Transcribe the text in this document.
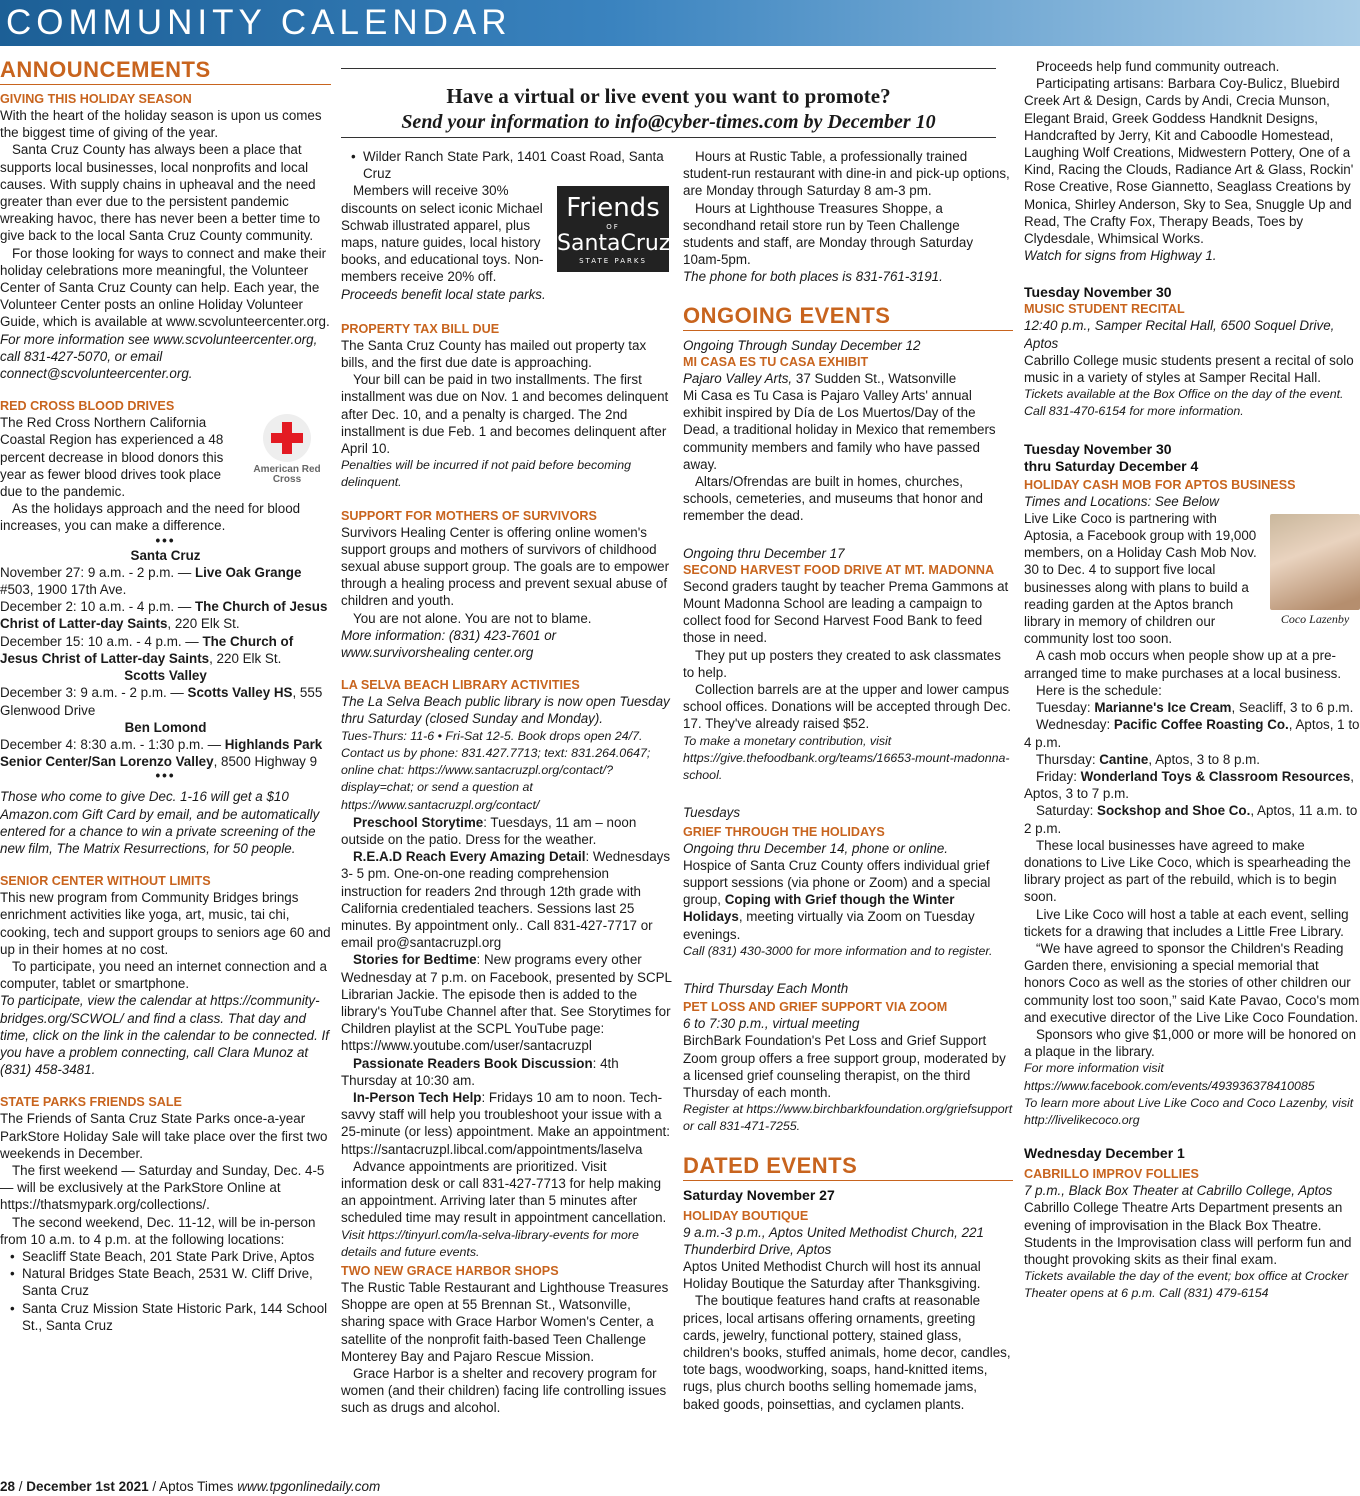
COMMUNITY CALENDAR
Have a virtual or live event you want to promote?
Send your information to info@cyber-times.com by December 10
ANNOUNCEMENTS
GIVING THIS HOLIDAY SEASON

With the heart of the holiday season is upon us comes the biggest time of giving of the year.

Santa Cruz County has always been a place that supports local businesses, local nonprofits and local causes. With supply chains in upheaval and the need greater than ever due to the persistent pandemic wreaking havoc, there has never been a better time to give back to the local Santa Cruz County community.

For those looking for ways to connect and make their holiday celebrations more meaningful, the Volunteer Center of Santa Cruz County can help. Each year, the Volunteer Center posts an online Holiday Volunteer Guide, which is available at www.scvolunteercenter.org.

For more information see www.scvolunteercenter.org, call 831-427-5070, or email connect@scvolunteercenter.org.

RED CROSS BLOOD DRIVES
American Red Cross

The Red Cross Northern California Coastal Region has experienced a 48 percent decrease in blood donors this year as fewer blood drives took place due to the pandemic.

As the holidays approach and the need for blood increases, you can make a difference.

•••
Santa Cruz

November 27: 9 a.m. - 2 p.m. — Live Oak Grange #503, 1900 17th Ave.

December 2: 10 a.m. - 4 p.m. — The Church of Jesus Christ of Latter-day Saints, 220 Elk St.

December 15: 10 a.m. - 4 p.m. — The Church of Jesus Christ of Latter-day Saints, 220 Elk St.

Scotts Valley

December 3: 9 a.m. - 2 p.m. — Scotts Valley HS, 555 Glenwood Drive

Ben Lomond

December 4: 8:30 a.m. - 1:30 p.m. — Highlands Park Senior Center/San Lorenzo Valley, 8500 Highway 9

•••

Those who come to give Dec. 1-16 will get a $10 Amazon.com Gift Card by email, and be automatically entered for a chance to win a private screening of the new film, The Matrix Resurrections, for 50 people.

SENIOR CENTER WITHOUT LIMITS

This new program from Community Bridges brings enrichment activities like yoga, art, music, tai chi, cooking, tech and support groups to seniors age 60 and up in their homes at no cost.

To participate, you need an internet connection and a computer, tablet or smartphone.

To participate, view the calendar at https://community-bridges.org/SCWOL/ and find a class. That day and time, click on the link in the calendar to be connected. If you have a problem connecting, call Clara Munoz at (831) 458-3481.

STATE PARKS FRIENDS SALE

The Friends of Santa Cruz State Parks once-a-year ParkStore Holiday Sale will take place over the first two weekends in December.

The first weekend — Saturday and Sunday, Dec. 4-5 — will be exclusively at the ParkStore Online at https://thatsmypark.org/collections/.

The second weekend, Dec. 11-12, will be in-person from 10 a.m. to 4 p.m. at the following locations:

• Seacliff State Beach, 201 State Park Drive, Aptos
• Natural Bridges State Beach, 2531 W. Cliff Drive, Santa Cruz
• Santa Cruz Mission State Historic Park, 144 School St., Santa Cruz
• Wilder Ranch State Park, 1401 Coast Road, Santa Cruz
Friends
OF
SantaCruz
STATE PARKS

Members will receive 30% discounts on select iconic Michael Schwab illustrated apparel, plus maps, nature guides, local history books, and educational toys. Non-members receive 20% off.

Proceeds benefit local state parks.

PROPERTY TAX BILL DUE

The Santa Cruz County has mailed out property tax bills, and the first due date is approaching.

Your bill can be paid in two installments. The first installment was due on Nov. 1 and becomes delinquent after Dec. 10, and a penalty is charged. The 2nd installment is due Feb. 1 and becomes delinquent after April 10.

Penalties will be incurred if not paid before becoming delinquent.

SUPPORT FOR MOTHERS OF SURVIVORS

Survivors Healing Center is offering online women's support groups and mothers of survivors of childhood sexual abuse support group. The goals are to empower through a healing process and prevent sexual abuse of children and youth.

You are not alone. You are not to blame.

More information: (831) 423-7601 or www.survivorshealing center.org

LA SELVA BEACH LIBRARY ACTIVITIES

The La Selva Beach public library is now open Tuesday thru Saturday (closed Sunday and Monday).

Tues-Thurs: 11-6 • Fri-Sat 12-5. Book drops open 24/7. Contact us by phone: 831.427.7713; text: 831.264.0647; online chat: https://www.santacruzpl.org/contact/?display=chat; or send a question at https://www.santacruzpl.org/contact/

Preschool Storytime: Tuesdays, 11 am – noon outside on the patio. Dress for the weather.

R.E.A.D Reach Every Amazing Detail: Wednesdays 3- 5 pm. One-on-one reading comprehension instruction for readers 2nd through 12th grade with California credentialed teachers. Sessions last 25 minutes. By appointment only.. Call 831-427-7717 or email pro@santacruzpl.org

Stories for Bedtime: New programs every other Wednesday at 7 p.m. on Facebook, presented by SCPL Librarian Jackie. The episode then is added to the library's YouTube Channel after that. See Storytimes for Children playlist at the SCPL YouTube page: https://www.youtube.com/user/santacruzpl

Passionate Readers Book Discussion: 4th Thursday at 10:30 am.

In-Person Tech Help: Fridays 10 am to noon. Tech-savvy staff will help you troubleshoot your issue with a 25-minute (or less) appointment. Make an appointment: https://santacruzpl.libcal.com/appointments/laselva

Advance appointments are prioritized. Visit information desk or call 831-427-7713 for help making an appointment. Arriving later than 5 minutes after scheduled time may result in appointment cancellation.

Visit https://tinyurl.com/la-selva-library-events for more details and future events.

TWO NEW GRACE HARBOR SHOPS

The Rustic Table Restaurant and Lighthouse Treasures Shoppe are open at 55 Brennan St., Watsonville, sharing space with Grace Harbor Women's Center, a satellite of the nonprofit faith-based Teen Challenge Monterey Bay and Pajaro Rescue Mission.

Grace Harbor is a shelter and recovery program for women (and their children) facing life controlling issues such as drugs and alcohol.

Hours at Rustic Table, a professionally trained student-run restaurant with dine-in and pick-up options, are Monday through Saturday 8 am-3 pm.

Hours at Lighthouse Treasures Shoppe, a secondhand retail store run by Teen Challenge students and staff, are Monday through Saturday 10am-5pm.

The phone for both places is 831-761-3191.

ONGOING EVENTS

Ongoing Through Sunday December 12

MI CASA ES TU CASA EXHIBIT

Pajaro Valley Arts, 37 Sudden St., Watsonville

Mi Casa es Tu Casa is Pajaro Valley Arts' annual exhibit inspired by Día de Los Muertos/Day of the Dead, a traditional holiday in Mexico that remembers community members and family who have passed away.

Altars/Ofrendas are built in homes, churches, schools, cemeteries, and museums that honor and remember the dead.

Ongoing thru December 17

SECOND HARVEST FOOD DRIVE AT MT. MADONNA

Second graders taught by teacher Prema Gammons at Mount Madonna School are leading a campaign to collect food for Second Harvest Food Bank to feed those in need.

They put up posters they created to ask classmates to help.

Collection barrels are at the upper and lower campus school offices. Donations will be accepted through Dec. 17. They've already raised $52.

To make a monetary contribution, visit https://give.thefoodbank.org/teams/16653-mount-madonna-school.

Tuesdays

GRIEF THROUGH THE HOLIDAYS

Ongoing thru December 14, phone or online.

Hospice of Santa Cruz County offers individual grief support sessions (via phone or Zoom) and a special group, Coping with Grief though the Winter Holidays, meeting virtually via Zoom on Tuesday evenings.

Call (831) 430-3000 for more information and to register.

Third Thursday Each Month

PET LOSS AND GRIEF SUPPORT VIA ZOOM

6 to 7:30 p.m., virtual meeting

BirchBark Foundation's Pet Loss and Grief Support Zoom group offers a free support group, moderated by a licensed grief counseling therapist, on the third Thursday of each month.

Register at https://www.birchbarkfoundation.org/griefsupport or call 831-471-7255.

DATED EVENTS
Saturday November 27
HOLIDAY BOUTIQUE

9 a.m.-3 p.m., Aptos United Methodist Church, 221 Thunderbird Drive, Aptos

Aptos United Methodist Church will host its annual Holiday Boutique the Saturday after Thanksgiving.

The boutique features hand crafts at reasonable prices, local artisans offering ornaments, greeting cards, jewelry, functional pottery, stained glass, children's books, stuffed animals, home decor, candles, tote bags, woodworking, soaps, hand-knitted items, rugs, plus church booths selling homemade jams, baked goods, poinsettias, and cyclamen plants.

Proceeds help fund community outreach.

Participating artisans: Barbara Coy-Bulicz, Bluebird Creek Art & Design, Cards by Andi, Crecia Munson, Elegant Braid, Greek Goddess Handknit Designs, Handcrafted by Jerry, Kit and Caboodle Homestead, Laughing Wolf Creations, Midwestern Pottery, One of a Kind, Racing the Clouds, Radiance Art & Glass, Rockin' Rose Creative, Rose Giannetto, Seaglass Creations by Monica, Shirley Anderson, Sky to Sea, Snuggle Up and Read, The Crafty Fox, Therapy Beads, Toes by Clydesdale, Whimsical Works.

Watch for signs from Highway 1.

Tuesday November 30
MUSIC STUDENT RECITAL

12:40 p.m., Samper Recital Hall, 6500 Soquel Drive, Aptos

Cabrillo College music students present a recital of solo music in a variety of styles at Samper Recital Hall.

Tickets available at the Box Office on the day of the event. Call 831-470-6154 for more information.

Tuesday November 30
thru Saturday December 4
HOLIDAY CASH MOB FOR APTOS BUSINESS

Times and Locations: See Below

Coco Lazenby

Live Like Coco is partnering with Aptosia, a Facebook group with 19,000 members, on a Holiday Cash Mob Nov. 30 to Dec. 4 to support five local businesses along with plans to build a reading garden at the Aptos branch library in memory of children our community lost too soon.

A cash mob occurs when people show up at a pre-arranged time to make purchases at a local business.

Here is the schedule:

Tuesday: Marianne's Ice Cream, Seacliff, 3 to 6 p.m.

Wednesday: Pacific Coffee Roasting Co., Aptos, 1 to 4 p.m.

Thursday: Cantine, Aptos, 3 to 8 p.m.

Friday: Wonderland Toys & Classroom Resources, Aptos, 3 to 7 p.m.

Saturday: Sockshop and Shoe Co., Aptos, 11 a.m. to 2 p.m.

These local businesses have agreed to make donations to Live Like Coco, which is spearheading the library project as part of the rebuild, which is to begin soon.

Live Like Coco will host a table at each event, selling tickets for a drawing that includes a Little Free Library.

“We have agreed to sponsor the Children's Reading Garden there, envisioning a special memorial that honors Coco as well as the stories of other children our community lost too soon,” said Kate Pavao, Coco's mom and executive director of the Live Like Coco Foundation.

Sponsors who give $1,000 or more will be honored on a plaque in the library.

For more information visit https://www.facebook.com/events/493936378410085

To learn more about Live Like Coco and Coco Lazenby, visit http://livelikecoco.org

Wednesday December 1
CABRILLO IMPROV FOLLIES

7 p.m., Black Box Theater at Cabrillo College, Aptos

Cabrillo College Theatre Arts Department presents an evening of improvisation in the Black Box Theatre. Students in the Improvisation class will perform fun and thought provoking skits as their final exam.

Tickets available the day of the event; box office at Crocker Theater opens at 6 p.m. Call (831) 479-6154

28 / December 1st 2021 / Aptos Times www.tpgonlinedaily.com
